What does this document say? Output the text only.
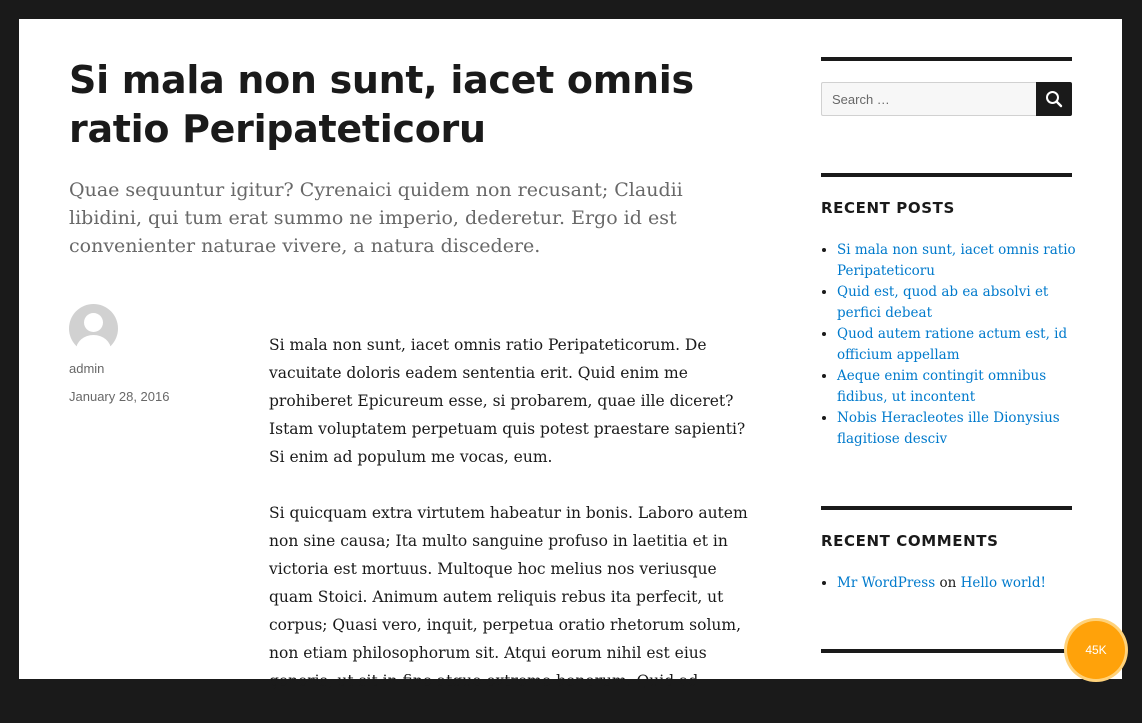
Si mala non sunt, iacet omnis ratio Peripateticoru

Quae sequuntur igitur? Cyrenaici quidem non recusant; Claudii libidini, qui tum erat summo ne imperio, dederetur. Ergo id est convenienter naturae vivere, a natura discedere.

admin
January 28, 2016

Si mala non sunt, iacet omnis ratio Peripateticorum. De vacuitate doloris eadem sententia erit. Quid enim me prohiberet Epicureum esse, si probarem, quae ille diceret? Istam voluptatem perpetuam quis potest praestare sapienti? Si enim ad populum me vocas, eum.

Si quicquam extra virtutem habeatur in bonis. Laboro autem non sine causa; Ita multo sanguine profuso in laetitia et in victoria est mortuus. Multoque hoc melius nos veriusque quam Stoici. Animum autem reliquis rebus ita perfecit, ut corpus; Quasi vero, inquit, perpetua oratio rhetorum solum, non etiam philosophorum sit. Atqui eorum nihil est eius generis, ut sit in fine atque extremo bonorum. Quid ad

Search …
RECENT POSTS
• Si mala non sunt, iacet omnis ratio Peripateticoru
• Quid est, quod ab ea absolvi et perfici debeat
• Quod autem ratione actum est, id officium appellam
• Aeque enim contingit omnibus fidibus, ut incontent
• Nobis Heracleotes ille Dionysius flagitiose desciv
RECENT COMMENTS
• Mr WordPress on Hello world!
45K
